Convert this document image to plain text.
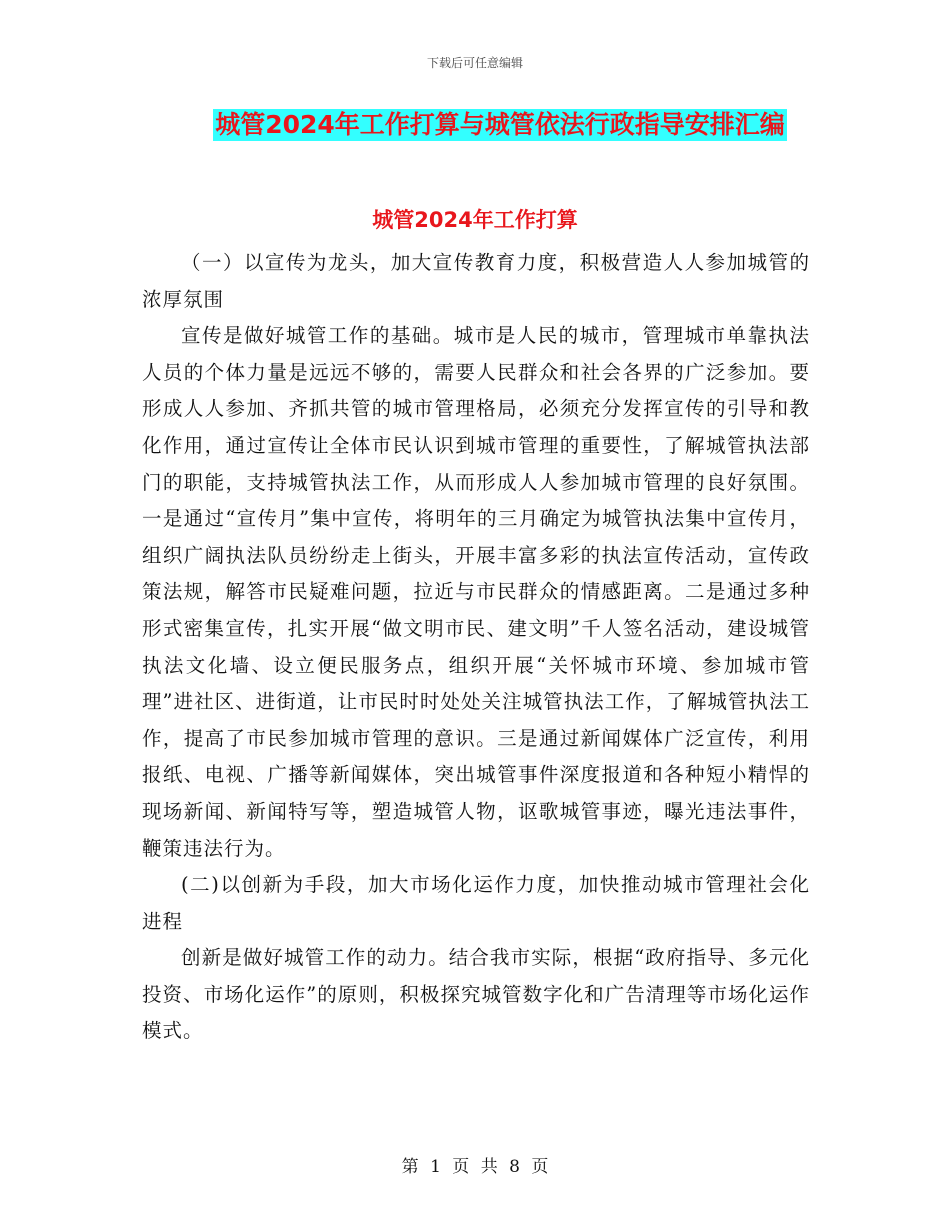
下载后可任意编辑
城管2024年工作打算与城管依法行政指导安排汇编
城管2024年工作打算

（一）以宣传为龙头，加大宣传教育力度，积极营造人人参加城管的浓厚氛围

宣传是做好城管工作的基础。城市是人民的城市，管理城市单靠执法人员的个体力量是远远不够的，需要人民群众和社会各界的广泛参加。要形成人人参加、齐抓共管的城市管理格局，必须充分发挥宣传的引导和教化作用，通过宣传让全体市民认识到城市管理的重要性，了解城管执法部门的职能，支持城管执法工作，从而形成人人参加城市管理的良好氛围。一是通过“宣传月”集中宣传，将明年的三月确定为城管执法集中宣传月，组织广阔执法队员纷纷走上街头，开展丰富多彩的执法宣传活动，宣传政策法规，解答市民疑难问题，拉近与市民群众的情感距离。二是通过多种形式密集宣传，扎实开展“做文明市民、建文明”千人签名活动，建设城管执法文化墙、设立便民服务点，组织开展“关怀城市环境、参加城市管理”进社区、进街道，让市民时时处处关注城管执法工作，了解城管执法工作，提高了市民参加城市管理的意识。三是通过新闻媒体广泛宣传，利用报纸、电视、广播等新闻媒体，突出城管事件深度报道和各种短小精悍的现场新闻、新闻特写等，塑造城管人物，讴歌城管事迹，曝光违法事件，鞭策违法行为。

(二)以创新为手段，加大市场化运作力度，加快推动城市管理社会化进程

创新是做好城管工作的动力。结合我市实际，根据“政府指导、多元化投资、市场化运作”的原则，积极探究城管数字化和广告清理等市场化运作模式。

第 1 页 共 8 页
